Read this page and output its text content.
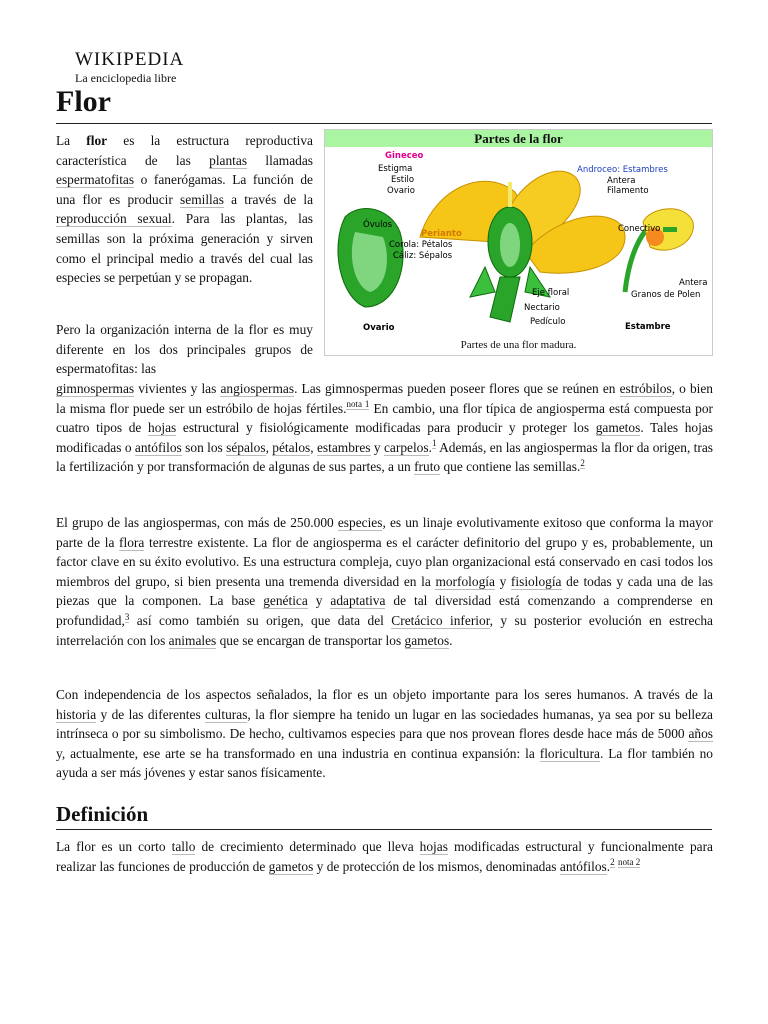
WIKIPEDIA
La enciclopedia libre
Flor
Partes de la flor
Gineceo
Estigma
Estilo
Ovario
Androceo: Estambres
Antera
Filamento
Óvulos
Perianto
Corola: Pétalos
Cáliz: Sépalos
Conectivo
Antera
Granos de Polen
Eje floral
Nectario
Pedículo
Ovario	Estambre
Partes de una flor madura.

La flor es la estructura reproductiva característica de las plantas llamadas espermatofitas o fanerógamas. La función de una flor es producir semillas a través de la reproducción sexual. Para las plantas, las semillas son la próxima generación y sirven como el principal medio a través del cual las especies se perpetúan y se propagan.

Pero la organización interna de la flor es muy diferente en los dos principales grupos de espermatofitas: las

gimnospermas vivientes y las angiospermas. Las gimnospermas pueden poseer flores que se reúnen en estróbilos, o bien la misma flor puede ser un estróbilo de hojas fértiles.$^{nota 1}$ En cambio, una flor típica de angiosperma está compuesta por cuatro tipos de hojas estructural y fisiológicamente modificadas para producir y proteger los gametos. Tales hojas modificadas o antófilos son los sépalos, pétalos, estambres y carpelos.$^1$ Además, en las angiospermas la flor da origen, tras la fertilización y por transformación de algunas de sus partes, a un fruto que contiene las semillas.$^2$

El grupo de las angiospermas, con más de 250.000 especies, es un linaje evolutivamente exitoso que conforma la mayor parte de la flora terrestre existente. La flor de angiosperma es el carácter definitorio del grupo y es, probablemente, un factor clave en su éxito evolutivo. Es una estructura compleja, cuyo plan organizacional está conservado en casi todos los miembros del grupo, si bien presenta una tremenda diversidad en la morfología y fisiología de todas y cada una de las piezas que la componen. La base genética y adaptativa de tal diversidad está comenzando a comprenderse en profundidad,$^3$ así como también su origen, que data del Cretácico inferior, y su posterior evolución en estrecha interrelación con los animales que se encargan de transportar los gametos.

Con independencia de los aspectos señalados, la flor es un objeto importante para los seres humanos. A través de la historia y de las diferentes culturas, la flor siempre ha tenido un lugar en las sociedades humanas, ya sea por su belleza intrínseca o por su simbolismo. De hecho, cultivamos especies para que nos provean flores desde hace más de 5000 años y, actualmente, ese arte se ha transformado en una industria en continua expansión: la floricultura. La flor también no ayuda a ser más jóvenes y estar sanos físicamente.

Definición

La flor es un corto tallo de crecimiento determinado que lleva hojas modificadas estructural y funcionalmente para realizar las funciones de producción de gametos y de protección de los mismos, denominadas antófilos.$^2$ $^{nota 2}$
